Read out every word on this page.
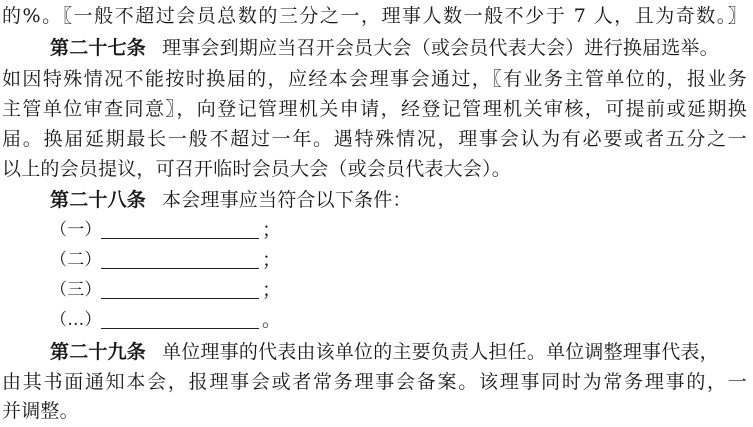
的%。〖一般不超过会员总数的三分之一，理事人数一般不少于 7 人，且为奇数。〗
第二十七条 理事会到期应当召开会员大会（或会员代表大会）进行换届选举。
如因特殊情况不能按时换届的，应经本会理事会通过，〖有业务主管单位的，报业务
主管单位审查同意〗，向登记管理机关申请，经登记管理机关审核，可提前或延期换
届。换届延期最长一般不超过一年。遇特殊情况，理事会认为有必要或者五分之一
以上的会员提议，可召开临时会员大会（或会员代表大会）。
第二十八条 本会理事应当符合以下条件：
（一）	；
（二）	；
（三）	；
（…）	。
第二十九条 单位理事的代表由该单位的主要负责人担任。单位调整理事代表，
由其书面通知本会，报理事会或者常务理事会备案。该理事同时为常务理事的，一
并调整。
